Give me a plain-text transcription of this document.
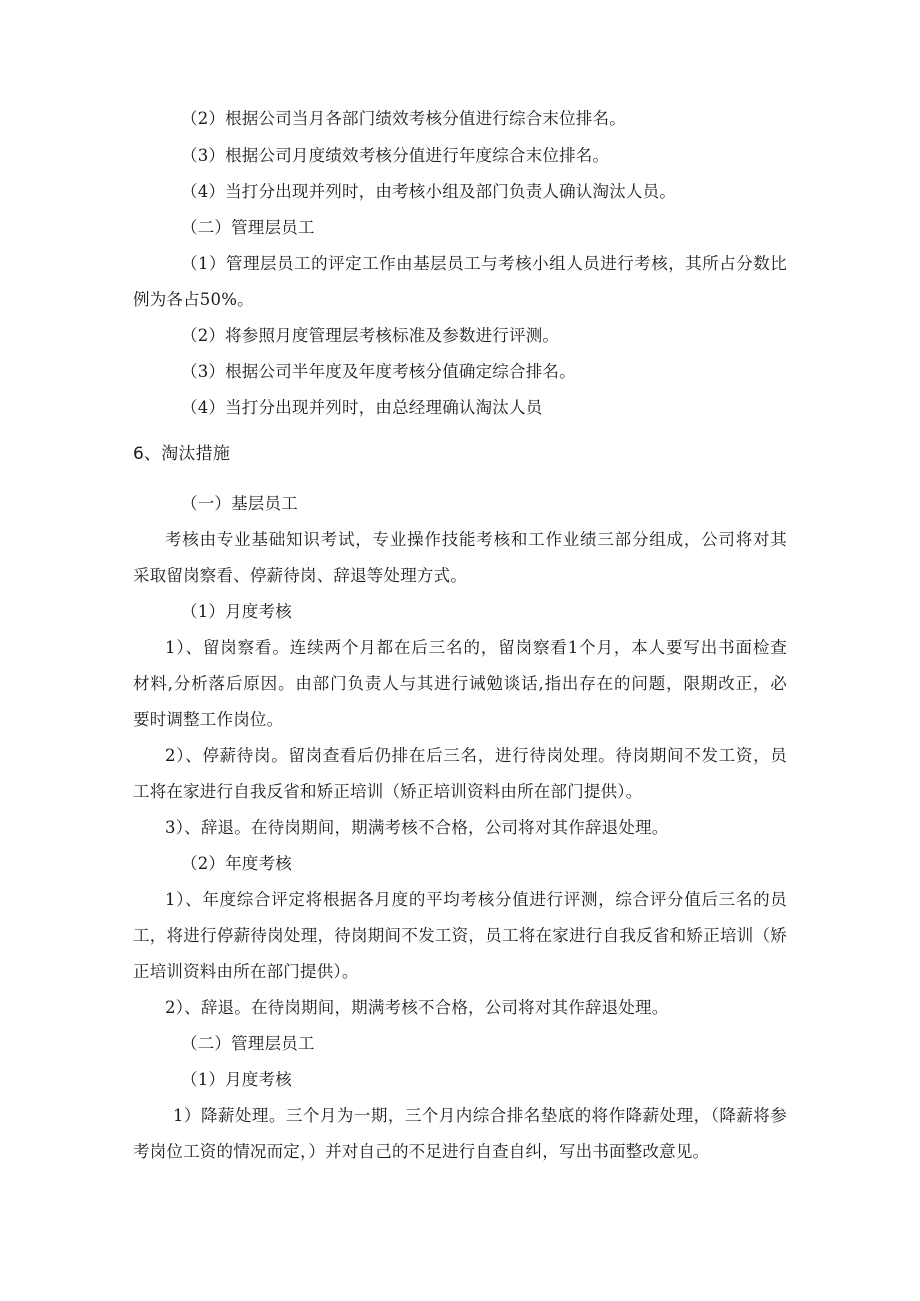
（2）根据公司当月各部门绩效考核分值进行综合末位排名。
（3）根据公司月度绩效考核分值进行年度综合末位排名。
（4）当打分出现并列时，由考核小组及部门负责人确认淘汰人员。
（二）管理层员工
（1）管理层员工的评定工作由基层员工与考核小组人员进行考核，其所占分数比
例为各占50%。
（2）将参照月度管理层考核标准及参数进行评测。
（3）根据公司半年度及年度考核分值确定综合排名。
（4）当打分出现并列时，由总经理确认淘汰人员
6、淘汰措施
（一）基层员工
考核由专业基础知识考试，专业操作技能考核和工作业绩三部分组成，公司将对其
采取留岗察看、停薪待岗、辞退等处理方式。
（1）月度考核
1）、留岗察看。连续两个月都在后三名的，留岗察看1个月，本人要写出书面检查
材料,分析落后原因。由部门负责人与其进行诫勉谈话,指出存在的问题，限期改正，必
要时调整工作岗位。
2）、停薪待岗。留岗查看后仍排在后三名，进行待岗处理。待岗期间不发工资，员
工将在家进行自我反省和矫正培训（矫正培训资料由所在部门提供）。
3）、辞退。在待岗期间，期满考核不合格，公司将对其作辞退处理。
（2）年度考核
1）、年度综合评定将根据各月度的平均考核分值进行评测，综合评分值后三名的员
工，将进行停薪待岗处理，待岗期间不发工资，员工将在家进行自我反省和矫正培训（矫
正培训资料由所在部门提供）。
2）、辞退。在待岗期间，期满考核不合格，公司将对其作辞退处理。
（二）管理层员工
（1）月度考核
1）降薪处理。三个月为一期，三个月内综合排名垫底的将作降薪处理，（降薪将参
考岗位工资的情况而定，）并对自己的不足进行自查自纠，写出书面整改意见。
